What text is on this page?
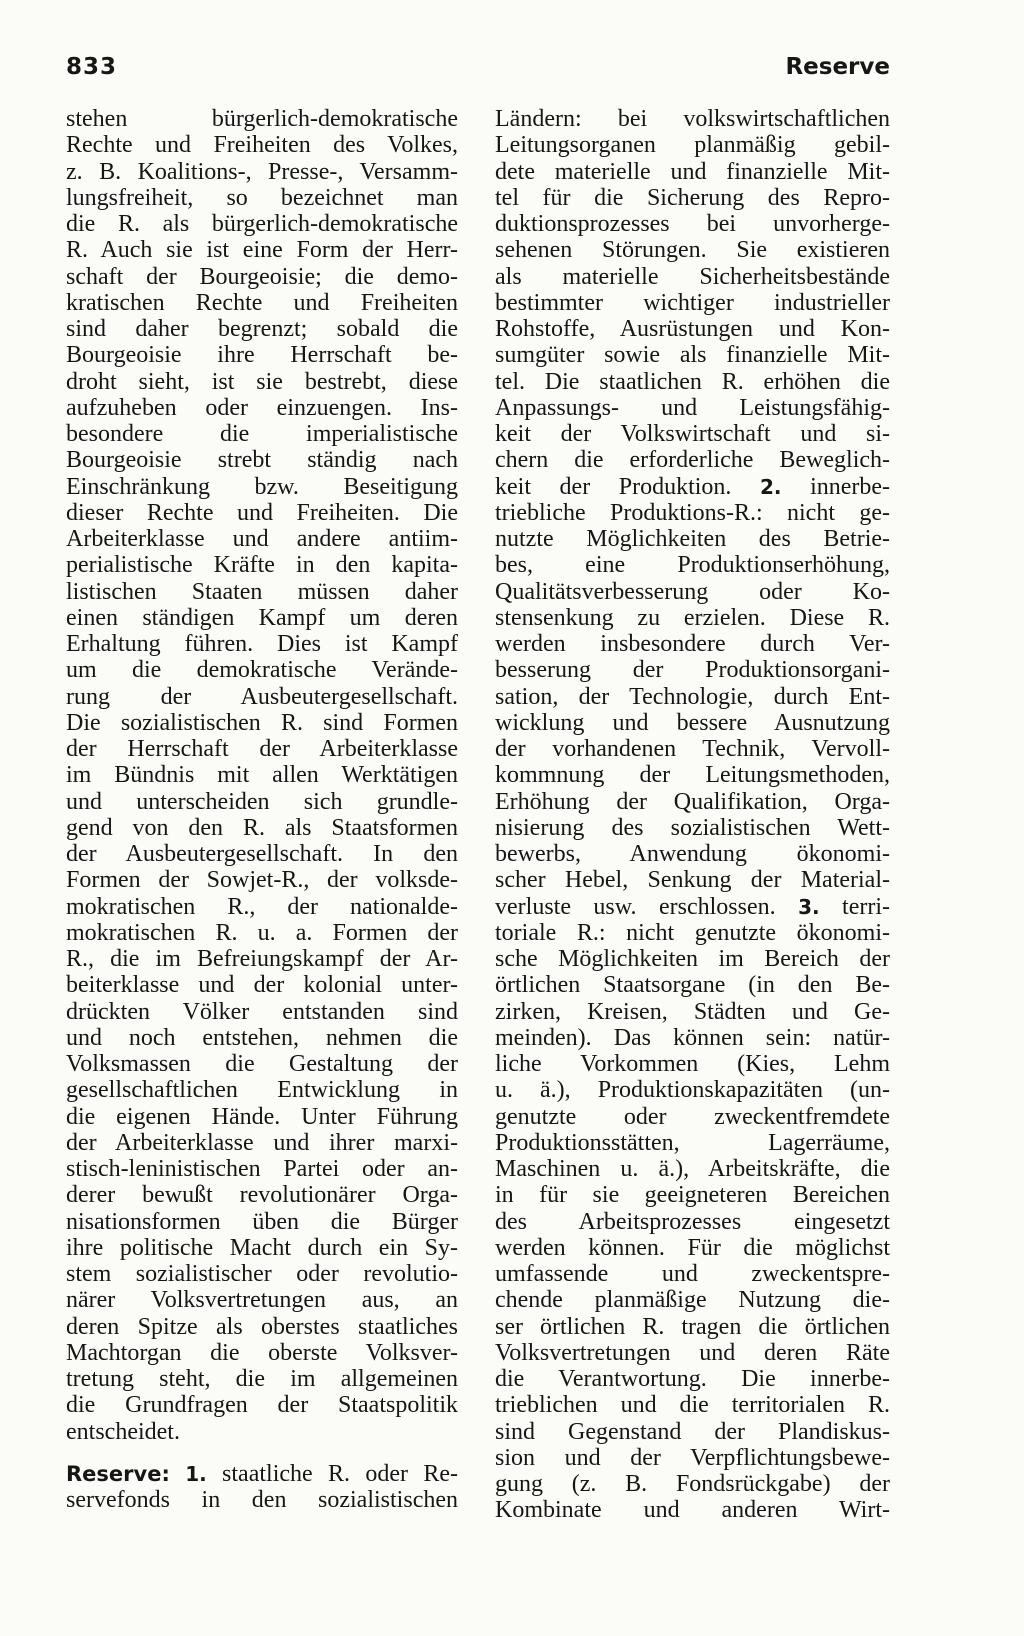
833	Reserve
stehen bürgerlich-demokratische
Rechte und Freiheiten des Volkes,
z. B. Koalitions-, Presse-, Versamm-
lungsfreiheit, so bezeichnet man
die R. als bürgerlich-demokratische
R. Auch sie ist eine Form der Herr-
schaft der Bourgeoisie; die demo-
kratischen Rechte und Freiheiten
sind daher begrenzt; sobald die
Bourgeoisie ihre Herrschaft be-
droht sieht, ist sie bestrebt, diese
aufzuheben oder einzuengen. Ins-
besondere die imperialistische
Bourgeoisie strebt ständig nach
Einschränkung bzw. Beseitigung
dieser Rechte und Freiheiten. Die
Arbeiterklasse und andere antiim-
perialistische Kräfte in den kapita-
listischen Staaten müssen daher
einen ständigen Kampf um deren
Erhaltung führen. Dies ist Kampf
um die demokratische Verände-
rung der Ausbeutergesellschaft.
Die sozialistischen R. sind Formen
der Herrschaft der Arbeiterklasse
im Bündnis mit allen Werktätigen
und unterscheiden sich grundle-
gend von den R. als Staatsformen
der Ausbeutergesellschaft. In den
Formen der Sowjet-R., der volksde-
mokratischen R., der nationalde-
mokratischen R. u. a. Formen der
R., die im Befreiungskampf der Ar-
beiterklasse und der kolonial unter-
drückten Völker entstanden sind
und noch entstehen, nehmen die
Volksmassen die Gestaltung der
gesellschaftlichen Entwicklung in
die eigenen Hände. Unter Führung
der Arbeiterklasse und ihrer marxi-
stisch-leninistischen Partei oder an-
derer bewußt revolutionärer Orga-
nisationsformen üben die Bürger
ihre politische Macht durch ein Sy-
stem sozialistischer oder revolutio-
närer Volksvertretungen aus, an
deren Spitze als oberstes staatliches
Machtorgan die oberste Volksver-
tretung steht, die im allgemeinen
die Grundfragen der Staatspolitik
entscheidet.
Reserve: 1. staatliche R. oder Re-
servefonds in den sozialistischen
Ländern: bei volkswirtschaftlichen
Leitungsorganen planmäßig gebil-
dete materielle und finanzielle Mit-
tel für die Sicherung des Repro-
duktionsprozesses bei unvorherge-
sehenen Störungen. Sie existieren
als materielle Sicherheitsbestände
bestimmter wichtiger industrieller
Rohstoffe, Ausrüstungen und Kon-
sumgüter sowie als finanzielle Mit-
tel. Die staatlichen R. erhöhen die
Anpassungs- und Leistungsfähig-
keit der Volkswirtschaft und si-
chern die erforderliche Beweglich-
keit der Produktion. 2. innerbe-
triebliche Produktions-R.: nicht ge-
nutzte Möglichkeiten des Betrie-
bes, eine Produktionserhöhung,
Qualitätsverbesserung oder Ko-
stensenkung zu erzielen. Diese R.
werden insbesondere durch Ver-
besserung der Produktionsorgani-
sation, der Technologie, durch Ent-
wicklung und bessere Ausnutzung
der vorhandenen Technik, Vervoll-
kommnung der Leitungsmethoden,
Erhöhung der Qualifikation, Orga-
nisierung des sozialistischen Wett-
bewerbs, Anwendung ökonomi-
scher Hebel, Senkung der Material-
verluste usw. erschlossen. 3. terri-
toriale R.: nicht genutzte ökonomi-
sche Möglichkeiten im Bereich der
örtlichen Staatsorgane (in den Be-
zirken, Kreisen, Städten und Ge-
meinden). Das können sein: natür-
liche Vorkommen (Kies, Lehm
u. ä.), Produktionskapazitäten (un-
genutzte oder zweckentfremdete
Produktionsstätten, Lagerräume,
Maschinen u. ä.), Arbeitskräfte, die
in für sie geeigneteren Bereichen
des Arbeitsprozesses eingesetzt
werden können. Für die möglichst
umfassende und zweckentspre-
chende planmäßige Nutzung die-
ser örtlichen R. tragen die örtlichen
Volksvertretungen und deren Räte
die Verantwortung. Die innerbe-
trieblichen und die territorialen R.
sind Gegenstand der Plandiskus-
sion und der Verpflichtungsbewe-
gung (z. B. Fondsrückgabe) der
Kombinate und anderen Wirt-
